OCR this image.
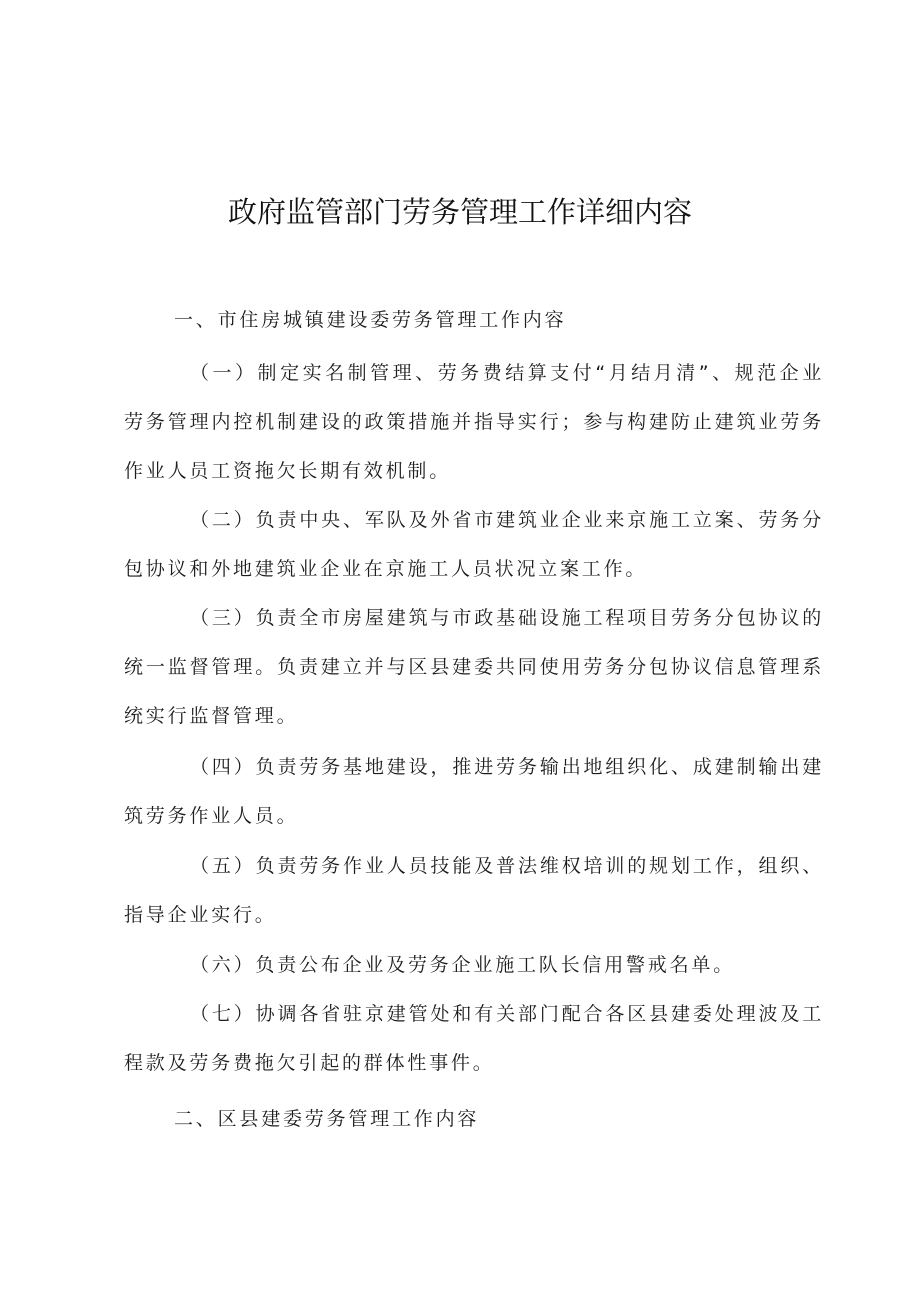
政府监管部门劳务管理工作详细内容
一、市住房城镇建设委劳务管理工作内容

（一）制定实名制管理、劳务费结算支付“月结月清”、规范企业劳务管理内控机制建设的政策措施并指导实行；参与构建防止建筑业劳务作业人员工资拖欠长期有效机制。

（二）负责中央、军队及外省市建筑业企业来京施工立案、劳务分包协议和外地建筑业企业在京施工人员状况立案工作。

（三）负责全市房屋建筑与市政基础设施工程项目劳务分包协议的统一监督管理。负责建立并与区县建委共同使用劳务分包协议信息管理系统实行监督管理。

（四）负责劳务基地建设，推进劳务输出地组织化、成建制输出建筑劳务作业人员。

（五）负责劳务作业人员技能及普法维权培训的规划工作，组织、指导企业实行。

（六）负责公布企业及劳务企业施工队长信用警戒名单。

（七）协调各省驻京建管处和有关部门配合各区县建委处理波及工程款及劳务费拖欠引起的群体性事件。

二、区县建委劳务管理工作内容
